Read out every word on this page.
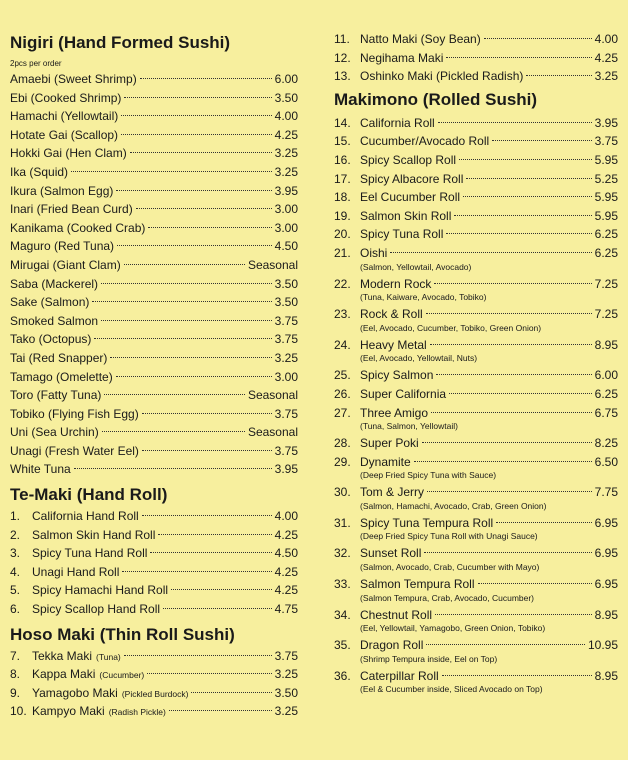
Nigiri (Hand Formed Sushi)

2pcs per order

Amaebi (Sweet Shrimp)	6.00
Ebi (Cooked Shrimp)	3.50
Hamachi (Yellowtail)	4.00
Hotate Gai (Scallop)	4.25
Hokki Gai (Hen Clam)	3.25
Ika (Squid)	3.25
Ikura (Salmon Egg)	3.95
Inari (Fried Bean Curd)	3.00
Kanikama (Cooked Crab)	3.00
Maguro (Red Tuna)	4.50
Mirugai (Giant Clam)	Seasonal
Saba (Mackerel)	3.50
Sake (Salmon)	3.50
Smoked Salmon	3.75
Tako (Octopus)	3.75
Tai (Red Snapper)	3.25
Tamago (Omelette)	3.00
Toro (Fatty Tuna)	Seasonal
Tobiko (Flying Fish Egg)	3.75
Uni (Sea Urchin)	Seasonal
Unagi (Fresh Water Eel)	3.75
White Tuna	3.95
Te-Maki (Hand Roll)
1. California Hand Roll	4.00
2. Salmon Skin Hand Roll	4.25
3. Spicy Tuna Hand Roll	4.50
4. Unagi Hand Roll	4.25
5. Spicy Hamachi Hand Roll	4.25
6. Spicy Scallop Hand Roll	4.75
Hoso Maki (Thin Roll Sushi)
7. Tekka Maki (Tuna)	3.75
8. Kappa Maki (Cucumber)	3.25
9. Yamagobo Maki (Pickled Burdock)	3.50
10. Kampyo Maki (Radish Pickle)	3.25
11. Natto Maki (Soy Bean)	4.00
12. Negihama Maki	4.25
13. Oshinko Maki (Pickled Radish)	3.25
Makimono (Rolled Sushi)
14. California Roll	3.95
15. Cucumber/Avocado Roll	3.75
16. Spicy Scallop Roll	5.95
17. Spicy Albacore Roll	5.25
18. Eel Cucumber Roll	5.95
19. Salmon Skin Roll	5.95
20. Spicy Tuna Roll	6.25
21. Oishi	6.25
(Salmon, Yellowtail, Avocado)
22. Modern Rock	7.25
(Tuna, Kaiware, Avocado, Tobiko)
23. Rock & Roll	7.25
(Eel, Avocado, Cucumber, Tobiko, Green Onion)
24. Heavy Metal	8.95
(Eel, Avocado, Yellowtail, Nuts)
25. Spicy Salmon	6.00
26. Super California	6.25
27. Three Amigo	6.75
(Tuna, Salmon, Yellowtail)
28. Super Poki	8.25
29. Dynamite	6.50
(Deep Fried Spicy Tuna with Sauce)
30. Tom & Jerry	7.75
(Salmon, Hamachi, Avocado, Crab, Green Onion)
31. Spicy Tuna Tempura Roll	6.95
(Deep Fried Spicy Tuna Roll with Unagi Sauce)
32. Sunset Roll	6.95
(Salmon, Avocado, Crab, Cucumber with Mayo)
33. Salmon Tempura Roll	6.95
(Salmon Tempura, Crab, Avocado, Cucumber)
34. Chestnut Roll	8.95
(Eel, Yellowtail, Yamagobo, Green Onion, Tobiko)
35. Dragon Roll	10.95
(Shrimp Tempura inside, Eel on Top)
36. Caterpillar Roll	8.95
(Eel & Cucumber inside, Sliced Avocado on Top)
